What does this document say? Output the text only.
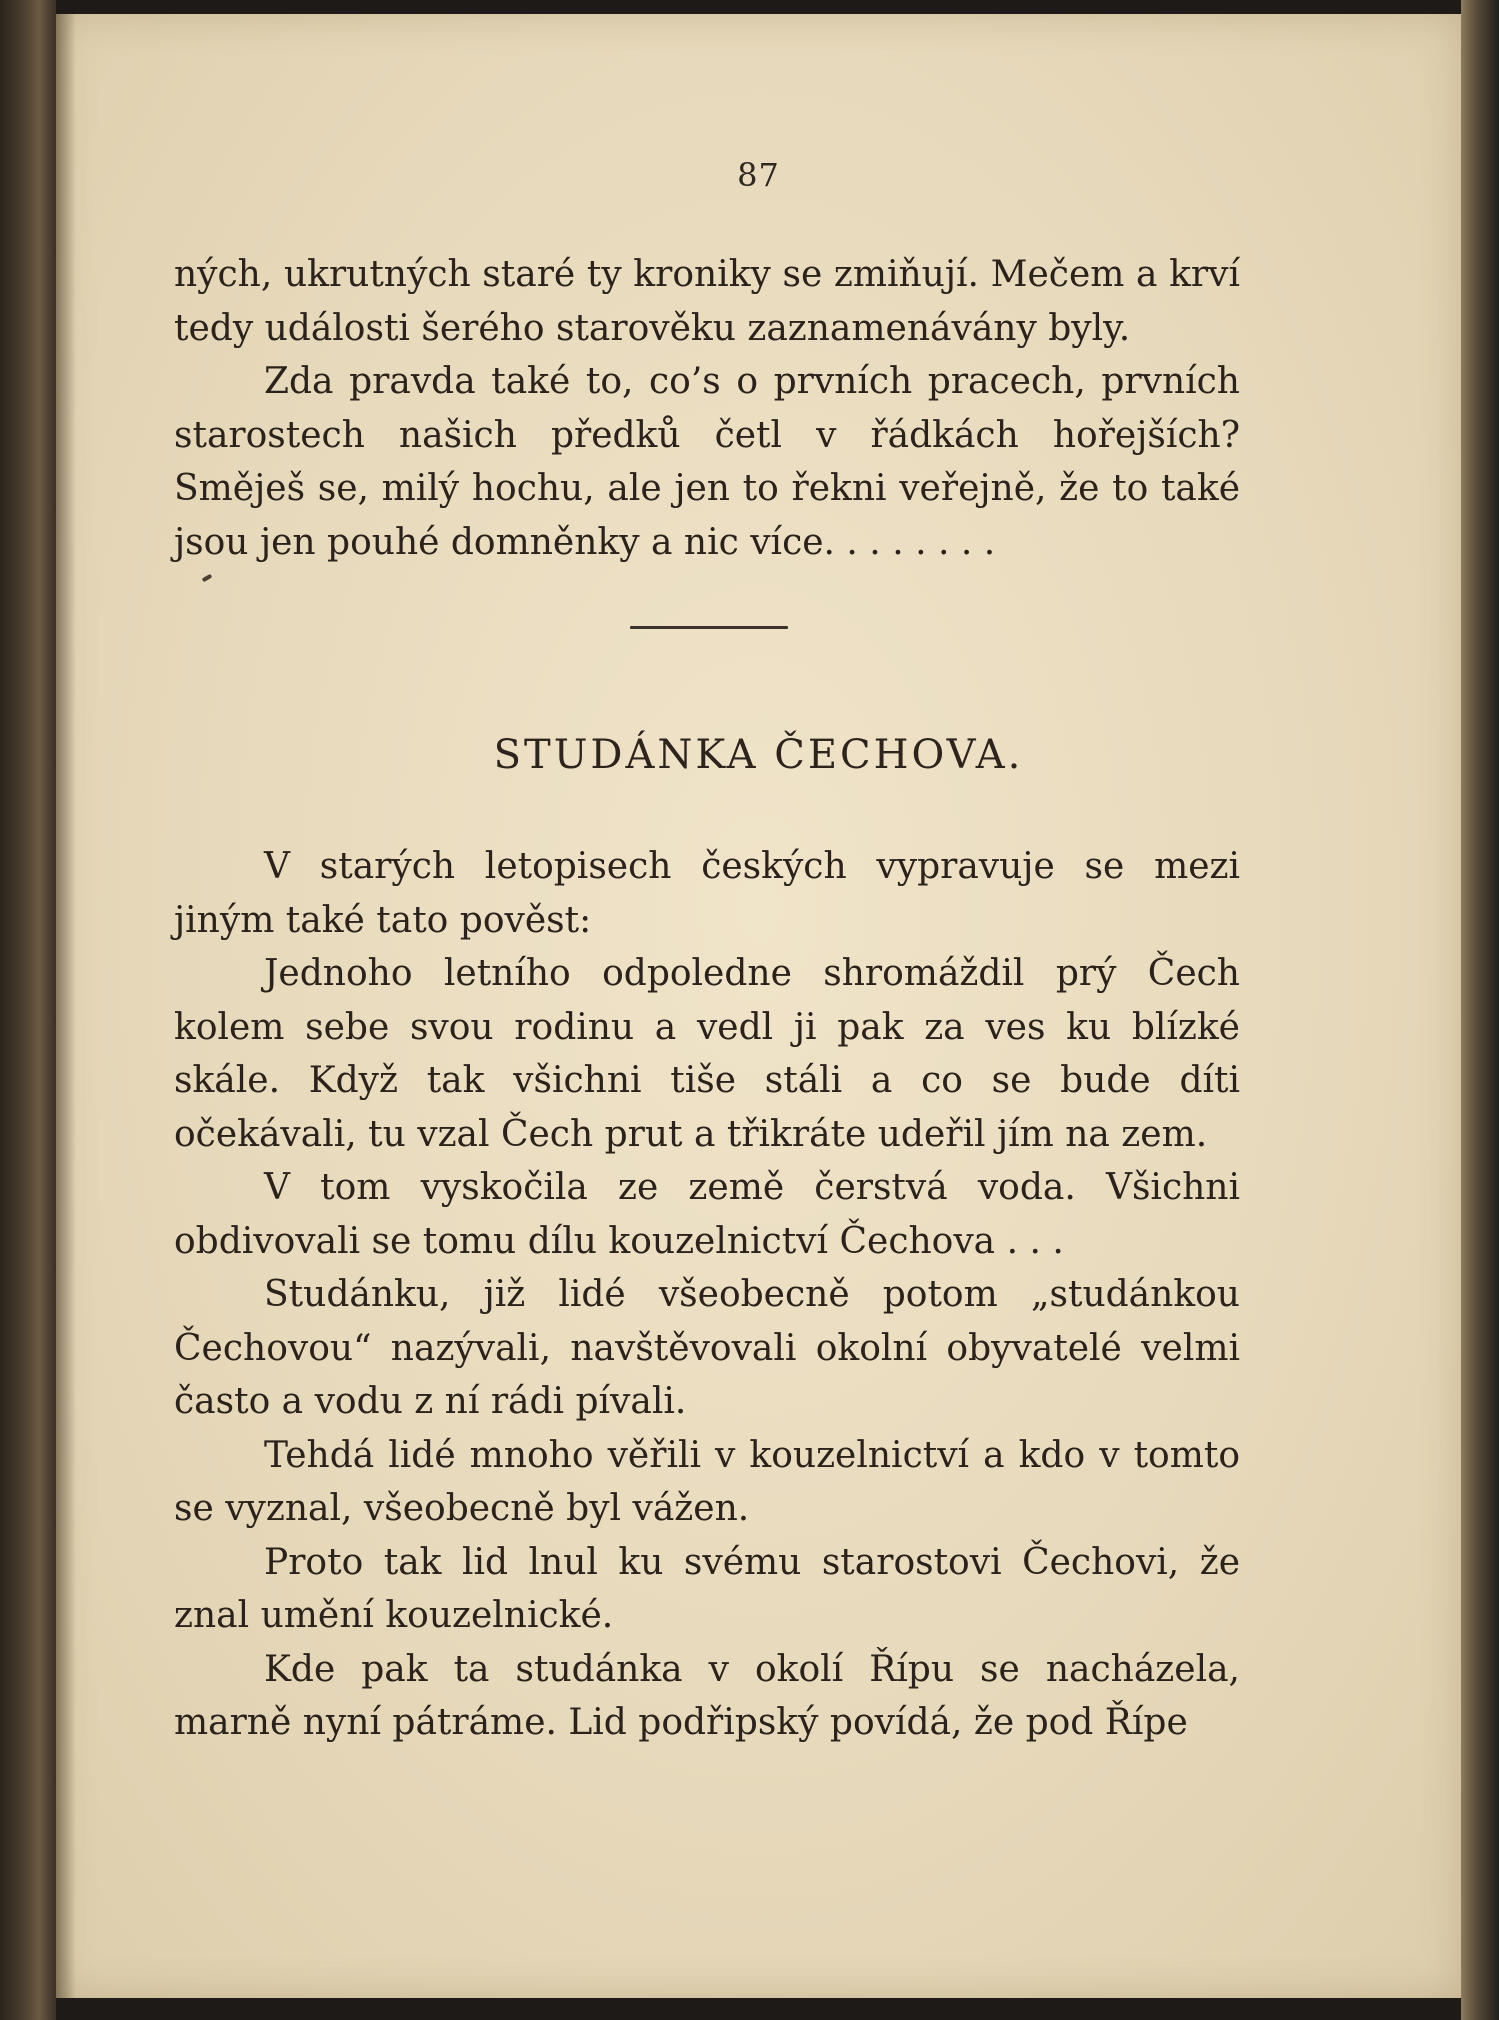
87

ných, ukrutných staré ty kroniky se zmiňují. Mečem a krví tedy události šerého starověku zaznamenávány byly.

Zda pravda také to, co’s o prvních pracech, prvních starostech našich předků četl v řádkách hořejších? Směješ se, milý hochu, ale jen to řekni veřejně, že to také jsou jen pouhé domněnky a nic více. . . . . . . .

STUDÁNKA ČECHOVA.

V starých letopisech českých vypravuje se mezi jiným také tato pověst:

Jednoho letního odpoledne shromáždil prý Čech kolem sebe svou rodinu a vedl ji pak za ves ku blízké skále. Když tak všichni tiše stáli a co se bude díti očekávali, tu vzal Čech prut a třikráte udeřil jím na zem.

V tom vyskočila ze země čerstvá voda. Všichni obdivovali se tomu dílu kouzelnictví Čechova . . .

Studánku, již lidé všeobecně potom „studánkou Čechovou“ nazývali, navštěvovali okolní obyvatelé velmi často a vodu z ní rádi pívali.

Tehdá lidé mnoho věřili v kouzelnictví a kdo v tomto se vyznal, všeobecně byl vážen.

Proto tak lid lnul ku svému starostovi Čechovi, že znal umění kouzelnické.

Kde pak ta studánka v okolí Řípu se nacházela, marně nyní pátráme. Lid podřipský povídá, že pod Řípe
